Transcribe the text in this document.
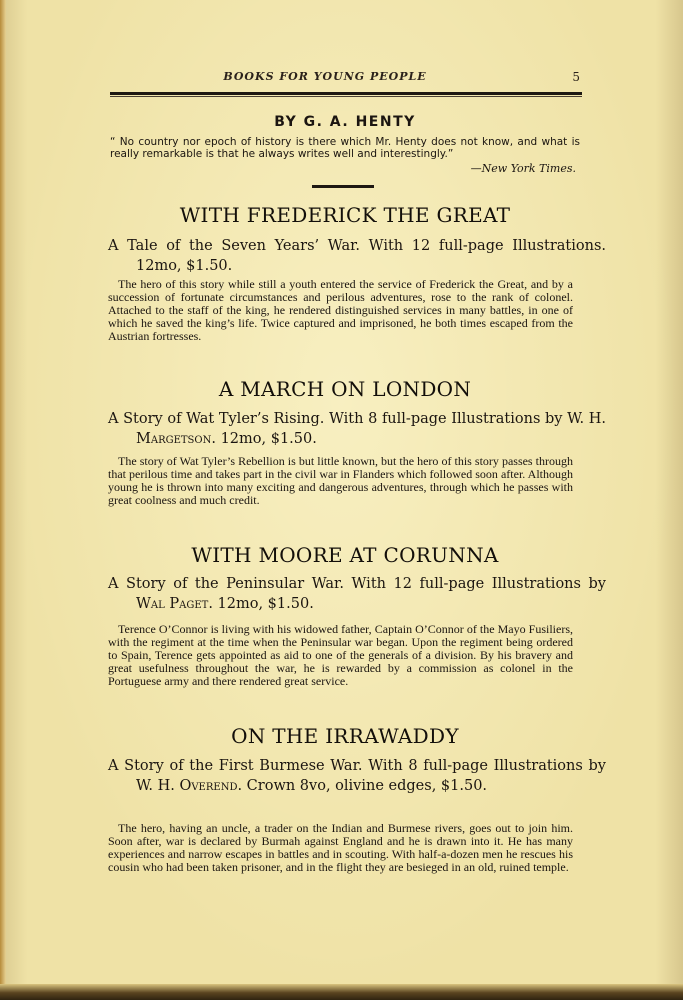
BOOKS FOR YOUNG PEOPLE	5
BY G. A. HENTY
“ No country nor epoch of history is there which Mr. Henty does not know, and what is really remarkable is that he always writes well and interestingly.”
—New York Times.
WITH FREDERICK THE GREAT
A Tale of the Seven Years’ War. With 12 full-page Illustrations. 12mo, $1.50.
The hero of this story while still a youth entered the service of Frederick the Great, and by a succession of fortunate circumstances and perilous adventures, rose to the rank of colonel. Attached to the staff of the king, he rendered distinguished services in many battles, in one of which he saved the king’s life. Twice captured and imprisoned, he both times escaped from the Austrian fortresses.
A MARCH ON LONDON
A Story of Wat Tyler’s Rising. With 8 full-page Illustrations by W. H. Margetson. 12mo, $1.50.
The story of Wat Tyler’s Rebellion is but little known, but the hero of this story passes through that perilous time and takes part in the civil war in Flanders which followed soon after. Although young he is thrown into many exciting and dangerous adventures, through which he passes with great coolness and much credit.
WITH MOORE AT CORUNNA
A Story of the Peninsular War. With 12 full-page Illustrations by Wal Paget. 12mo, $1.50.
Terence O’Connor is living with his widowed father, Captain O’Connor of the Mayo Fusiliers, with the regiment at the time when the Peninsular war began. Upon the regiment being ordered to Spain, Terence gets appointed as aid to one of the generals of a division. By his bravery and great usefulness throughout the war, he is rewarded by a commission as colonel in the Portuguese army and there rendered great service.
ON THE IRRAWADDY
A Story of the First Burmese War. With 8 full-page Illustrations by W. H. Overend. Crown 8vo, olivine edges, $1.50.
The hero, having an uncle, a trader on the Indian and Burmese rivers, goes out to join him. Soon after, war is declared by Burmah against England and he is drawn into it. He has many experiences and narrow escapes in battles and in scouting. With half-a-dozen men he rescues his cousin who had been taken prisoner, and in the flight they are besieged in an old, ruined temple.
